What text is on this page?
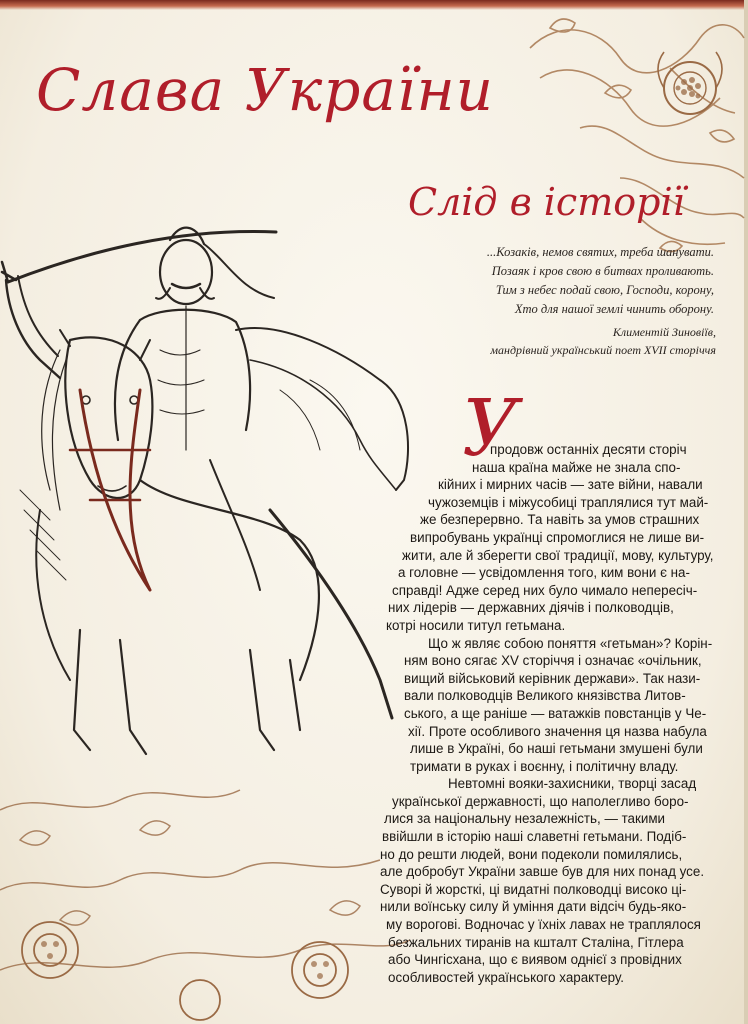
Слава України
Слід в історії
...Козаків, немов святих, треба шанувати.
Позаяк і кров свою в битвах проливають.
Тим з небес подай свою, Господи, корону,
Хто для нашої землі чинить оборону.
Климентій Зиновіїв,
мандрівний український поет XVII сторіччя
У
продовж останніх десяти сторіч
наша країна майже не знала спо-
кійних і мирних часів — зате війни, навали
чужоземців і міжусобиці траплялися тут май-
же безперервно. Та навіть за умов страшних
випробувань українці спромоглися не лише ви-
жити, але й зберегти свої традиції, мову, культуру,
а головне — усвідомлення того, ким вони є на-
справді! Адже серед них було чимало непересіч-
них лідерів — державних діячів і полководців,
котрі носили титул гетьмана.
Що ж являє собою поняття «гетьман»? Корін-
ням воно сягає XV сторіччя і означає «очільник,
вищий військовий керівник держави». Так нази-
вали полководців Великого князівства Литов-
ського, а ще раніше — ватажків повстанців у Че-
хії. Проте особливого значення ця назва набула
лише в Україні, бо наші гетьмани змушені були
тримати в руках і воєнну, і політичну владу.
Невтомні вояки-захисники, творці засад
української державності, що наполегливо боро-
лися за національну незалежність, — такими
ввійшли в історію наші славетні гетьмани. Подіб-
но до решти людей, вони подеколи помилялись,
але добробут України завше був для них понад усе.
Суворі й жорсткі, ці видатні полководці високо ці-
нили воїнську силу й уміння дати відсіч будь-яко-
му ворогові. Водночас у їхніх лавах не траплялося
безжальних тиранів на кшталт Сталіна, Гітлера
або Чингісхана, що є виявом однієї з провідних
особливостей українського характеру.
